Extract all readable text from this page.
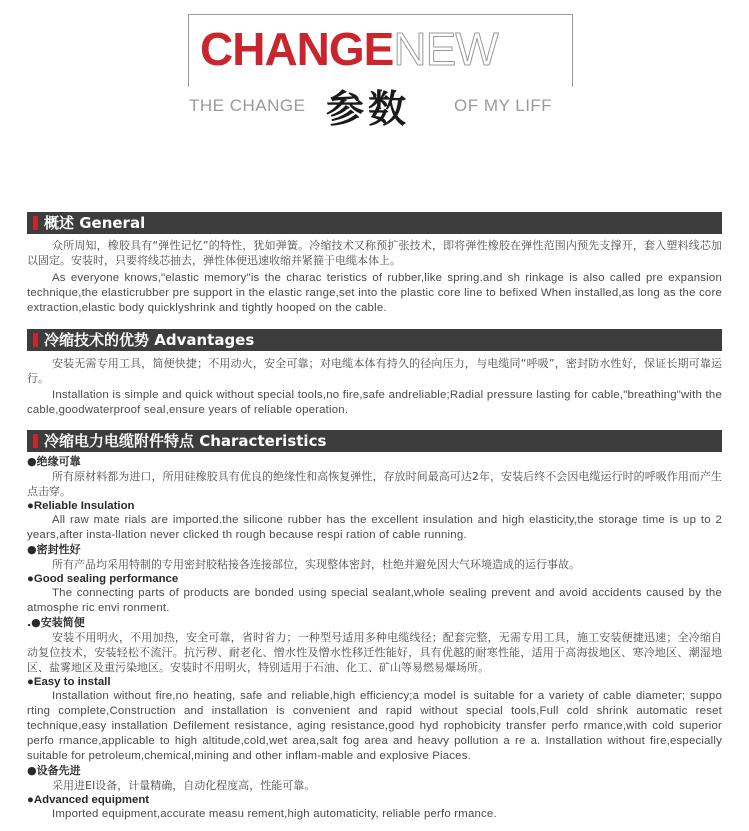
CHANGENEW
THE CHANGE 参数	OF MY LIFF
概述 General
众所周知，橡胶具有“弹性记忆”的特性，犹如弹簧。冷缩技术又称预扩张技术，即将弹性橡胶在弹性范围内预先支撑开，套入塑料线芯加以固定。安装时，只要将线芯抽去，弹性体便迅速收缩并紧箍于电缆本体上。
As everyone knows,"elastic memory"is the charac teristics of rubber,like spring.and sh rinkage is also called pre expansion technique,the elasticrubber pre support in the elastic range,set into the plastic core line to befixed When installed,as long as the core extraction,elastic body quicklyshrink and tightly hooped on the cable.
冷缩技术的优势 Advantages
安装无需专用工具，简便快捷；不用动火，安全可靠；对电缆本体有持久的径向压力，与电缆同“呼吸”，密封防水性好，保证长期可靠运行。
Installation is simple and quick without special tools,no fire,safe andreliable;Radial pressure lasting for cable,"breathing"with the cable,goodwaterproof seal,ensure years of reliable operation.
冷缩电力电缆附件特点 Characteristics
●绝缘可靠
所有原材料都为进口，所用硅橡胶具有优良的绝缘性和高恢复弹性，存放时间最高可达2年，安装后终不会因电缆运行时的呼吸作用而产生点击穿。
●Reliable Insulation
All raw mate rials are imported.the silicone rubber has the excellent insulation and high elasticity,the storage time is up to 2 years,after insta-llation never clicked th rough because respi ration of cable running.
●密封性好
所有产品均采用特制的专用密封胶粘接各连接部位，实现整体密封，杜绝并避免因大气环境造成的运行事故。
●Good sealing performance
The connecting parts of products are bonded using special sealant,whole sealing prevent and avoid accidents caused by the atmosphe ric envi ronment.
.●安装简便
安装不用明火，不用加热，安全可靠，省时省力；一种型号适用多种电缆线径；配套完整，无需专用工具，施工安装便捷迅速；全冷缩自动复位技术，安装轻松不流汗。抗污秽、耐老化、憎水性及憎水性移迁性能好，具有优越的耐寒性能，适用于高海拔地区、寒冷地区、潮湿地区、盐雾地区及重污染地区。安装时不用明火，特别适用于石油、化工、矿山等易燃易爆场所。
●Easy to install
Installation without fire,no heating, safe and reliable,high efficiency;a model is suitable for a variety of cable diameter; suppo rting complete,Construction and installation is convenient and rapid without special tools,Full cold shrink automatic reset technique,easy installation Defilement resistance, aging resistance,good hyd rophobicity transfer perfo rmance,with cold superior perfo rmance,applicable to high altitude,cold,wet area,salt fog area and heavy pollution a re a. Installation without fire,especially suitable for petroleum,chemical,mining and other inflam-mable and explosive Piaces.
●设备先进
采用进EI设备，计量精确，自动化程度高，性能可靠。
●Advanced equipment
Imported equipment,accurate measu rement,high automaticity, reliable perfo rmance.
